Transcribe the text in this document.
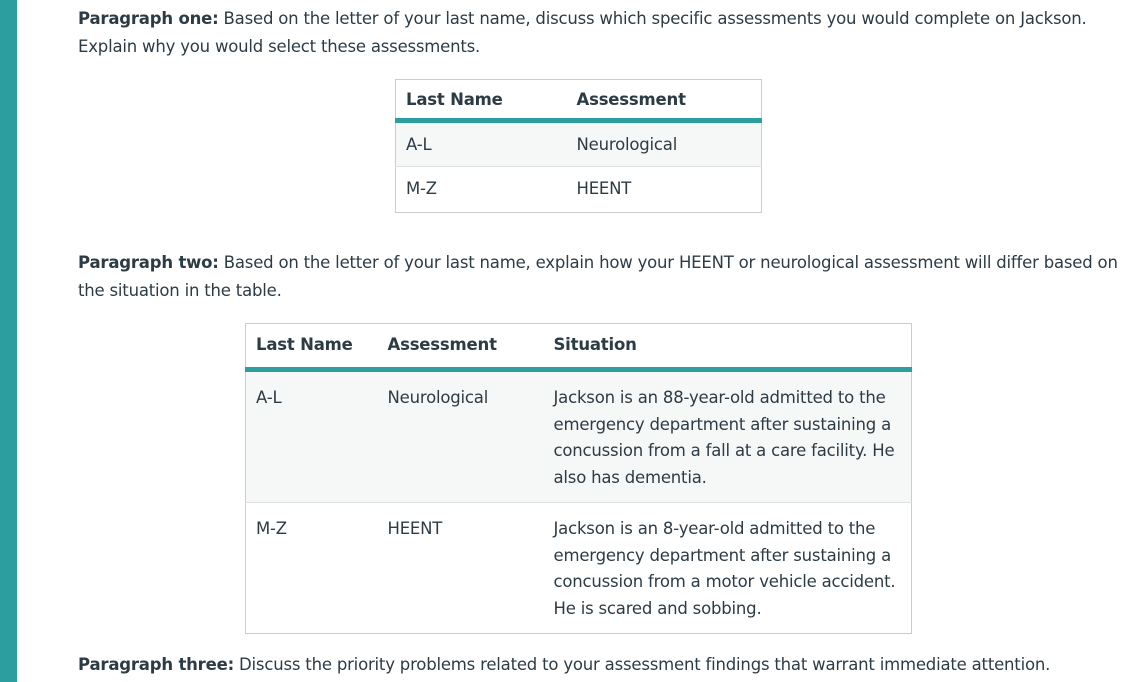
Paragraph one: Based on the letter of your last name, discuss which specific assessments you would complete on Jackson. Explain why you would select these assessments.

Last Name	Assessment
A-L	Neurological
M-Z	HEENT

Paragraph two: Based on the letter of your last name, explain how your HEENT or neurological assessment will differ based on the situation in the table.

Last Name	Assessment	Situation
A-L	Neurological	Jackson is an 88-year-old admitted to the emergency department after sustaining a concussion from a fall at a care facility. He also has dementia.
M-Z	HEENT	Jackson is an 8-year-old admitted to the emergency department after sustaining a concussion from a motor vehicle accident. He is scared and sobbing.

Paragraph three: Discuss the priority problems related to your assessment findings that warrant immediate attention.
